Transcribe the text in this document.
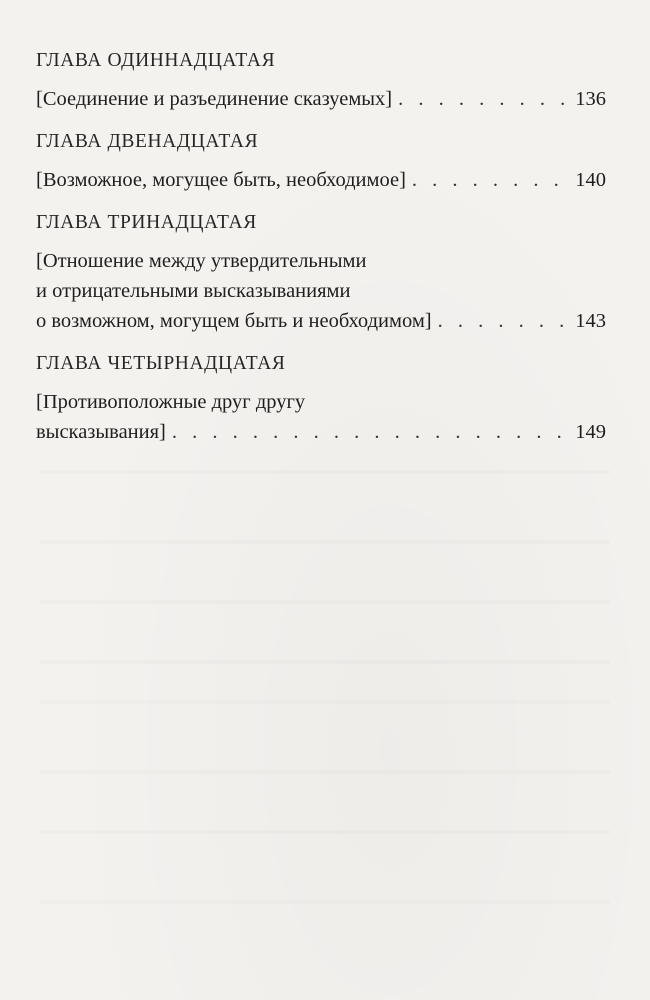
ГЛАВА ОДИННАДЦАТАЯ
[Соединение и разъединение сказуемых] . . .	136
ГЛАВА ДВЕНАДЦАТАЯ
[Возможное, могущее быть, необходимое] . . .	140
ГЛАВА ТРИНАДЦАТАЯ
[Отношение между утвердительными
и отрицательными высказываниями
о возможном, могущем быть и необходимом] . . .	143
ГЛАВА ЧЕТЫРНАДЦАТАЯ
[Противоположные друг другу
высказывания] . . .	149
